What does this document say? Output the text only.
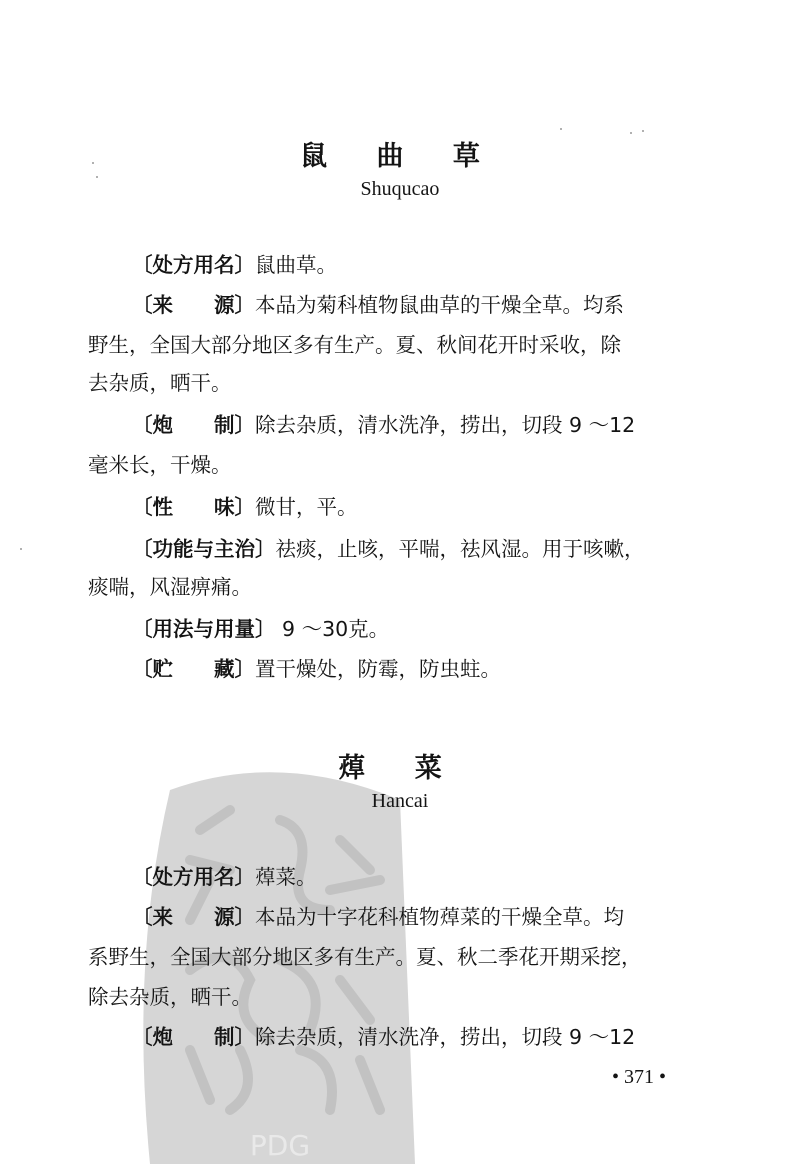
PDG
鼠 曲 草
Shuqucao
〔处方用名〕鼠曲草。
〔来　　源〕本品为菊科植物鼠曲草的干燥全草。均系
野生，全国大部分地区多有生产。夏、秋间花开时采收，除
去杂质，晒干。
〔炮　　制〕除去杂质，清水洗净，捞出，切段 9 ～12
毫米长，干燥。
〔性　　味〕微甘，平。
〔功能与主治〕祛痰，止咳，平喘，祛风湿。用于咳嗽，
痰喘，风湿痹痛。
〔用法与用量〕 9 ～30克。
〔贮　　藏〕置干燥处，防霉，防虫蛀。
蔊 菜
Hancai
〔处方用名〕蔊菜。
〔来　　源〕本品为十字花科植物蔊菜的干燥全草。均
系野生，全国大部分地区多有生产。夏、秋二季花开期采挖，
除去杂质，晒干。
〔炮　　制〕除去杂质，清水洗净，捞出，切段 9 ～12
• 371 •
